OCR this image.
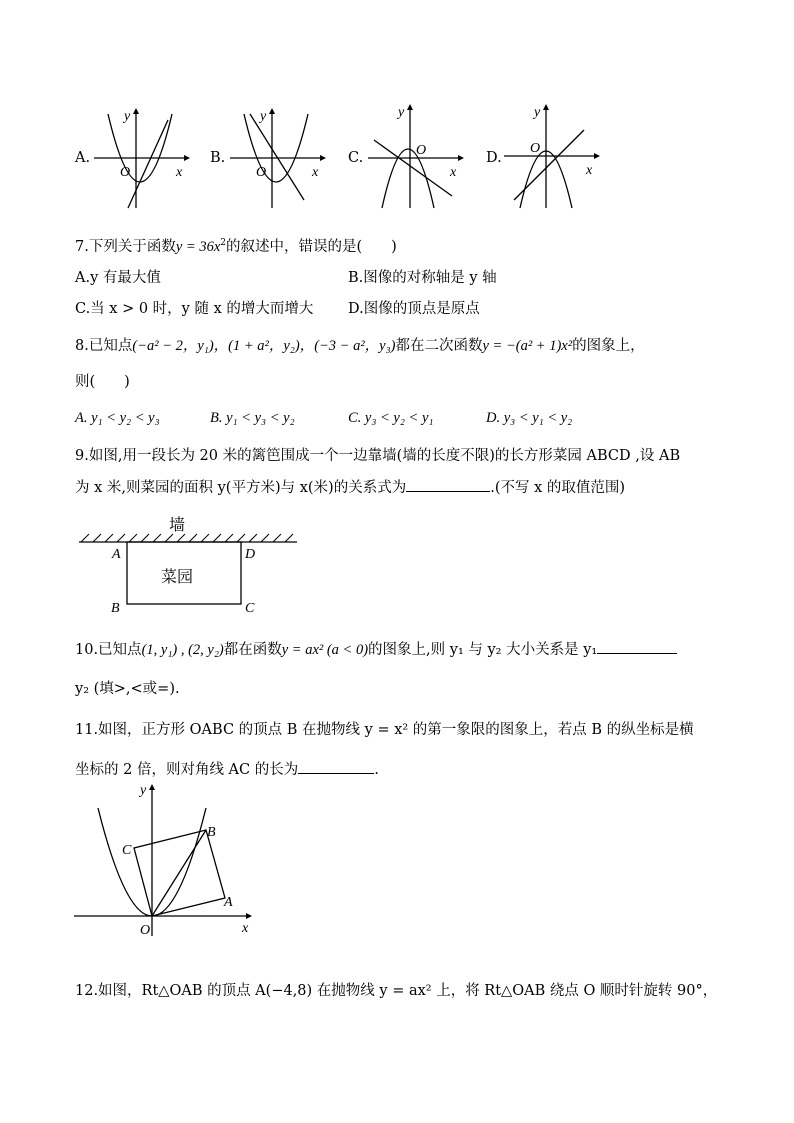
A.
y
x
O
B.
y
x
O
C.
y
x
O	D.
y
x
O
7.下列关于函数$y = 36x^2$的叙述中，错误的是(　　)
A.y 有最大值	B.图像的对称轴是 y 轴
C.当 x > 0 时，y 随 x 的增大而增大 D.图像的顶点是原点
8.已知点(−a² − 2，y₁)，(1 + a²，y₂)，(−3 − a²，y₃)都在二次函数y = −(a² + 1)x²的图象上，
则(　　)
A. y₁ < y₂ < y₃	B. y₁ < y₃ < y₂	C. y₃ < y₂ < y₁	D. y₃ < y₁ < y₂
9.如图,用一段长为 20 米的篱笆围成一个一边靠墙(墙的长度不限)的长方形菜园 ABCD ,设 AB
为 x 米,则菜园的面积 y(平方米)与 x(米)的关系式为	.(不写 x 的取值范围)
墙
菜园
A	D
B	C
10.已知点(1, y₁) , (2, y₂)都在函数y = ax² (a < 0)的图象上,则 y₁ 与 y₂ 大小关系是 y₁
y₂ (填>,<或=).
11.如图，正方形 OABC 的顶点 B 在抛物线 y = x² 的第一象限的图象上，若点 B 的纵坐标是横
坐标的 2 倍，则对角线 AC 的长为	.
y
x
O
A
B
C
12.如图，Rt△OAB 的顶点 A(−4,8) 在抛物线 y = ax² 上，将 Rt△OAB 绕点 O 顺时针旋转 90°，
